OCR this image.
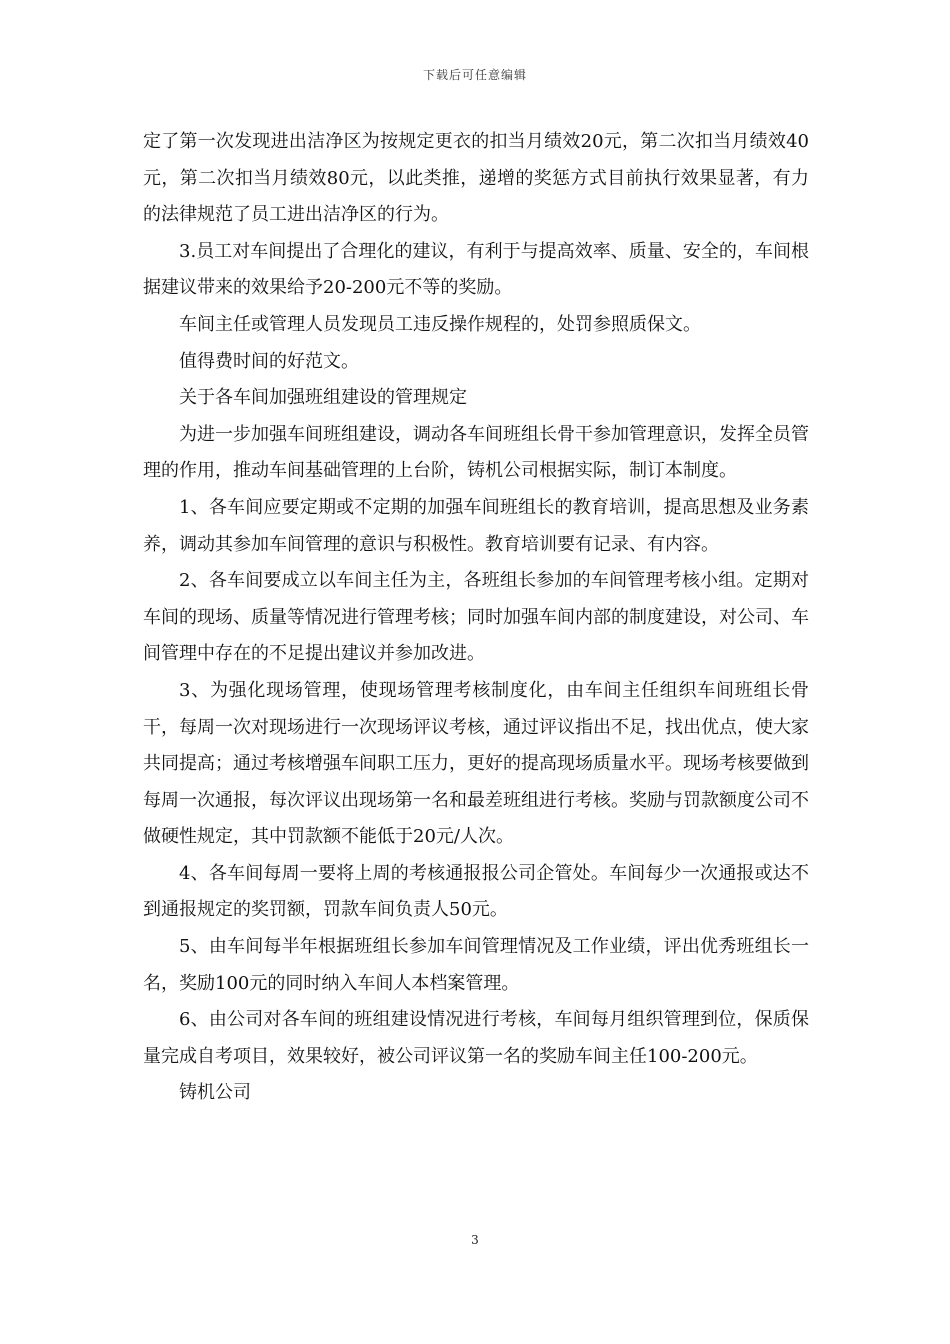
下载后可任意编辑

定了第一次发现进出洁净区为按规定更衣的扣当月绩效20元，第二次扣当月绩效40元，第二次扣当月绩效80元，以此类推，递增的奖惩方式目前执行效果显著，有力的法律规范了员工进出洁净区的行为。

3.员工对车间提出了合理化的建议，有利于与提高效率、质量、安全的，车间根据建议带来的效果给予20-200元不等的奖励。

车间主任或管理人员发现员工违反操作规程的，处罚参照质保文。

值得费时间的好范文。

关于各车间加强班组建设的管理规定

为进一步加强车间班组建设，调动各车间班组长骨干参加管理意识，发挥全员管理的作用，推动车间基础管理的上台阶，铸机公司根据实际，制订本制度。

1、各车间应要定期或不定期的加强车间班组长的教育培训，提高思想及业务素养，调动其参加车间管理的意识与积极性。教育培训要有记录、有内容。

2、各车间要成立以车间主任为主，各班组长参加的车间管理考核小组。定期对车间的现场、质量等情况进行管理考核；同时加强车间内部的制度建设，对公司、车间管理中存在的不足提出建议并参加改进。

3、为强化现场管理，使现场管理考核制度化，由车间主任组织车间班组长骨干，每周一次对现场进行一次现场评议考核，通过评议指出不足，找出优点，使大家共同提高；通过考核增强车间职工压力，更好的提高现场质量水平。现场考核要做到每周一次通报，每次评议出现场第一名和最差班组进行考核。奖励与罚款额度公司不做硬性规定，其中罚款额不能低于20元/人次。

4、各车间每周一要将上周的考核通报报公司企管处。车间每少一次通报或达不到通报规定的奖罚额，罚款车间负责人50元。

5、由车间每半年根据班组长参加车间管理情况及工作业绩，评出优秀班组长一名，奖励100元的同时纳入车间人本档案管理。

6、由公司对各车间的班组建设情况进行考核，车间每月组织管理到位，保质保量完成自考项目，效果较好，被公司评议第一名的奖励车间主任100-200元。

铸机公司

3
